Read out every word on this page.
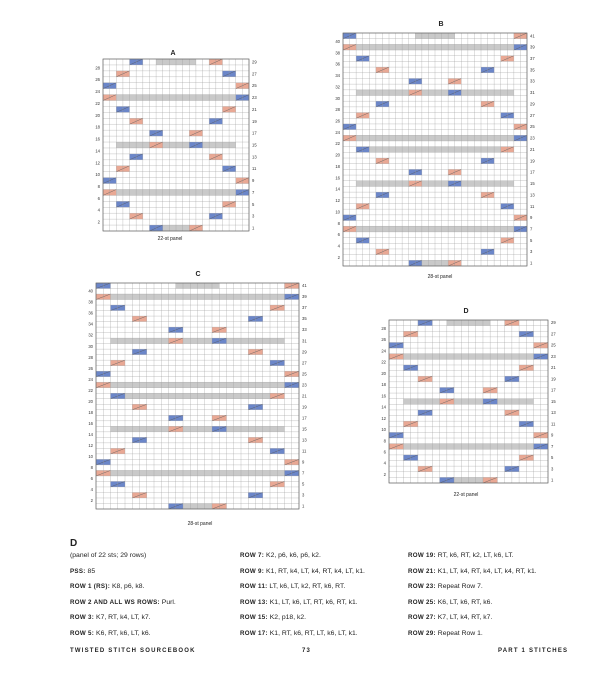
A
1
2
3
4
5
6
7
8
9
10
11
12
13
14
15
16
17
18
19
20
21
22
23
24
25
26
27
28
29
22-st panel
B
1
2
3
4
5
6
7
8
9
10
11
12
13
14
15
16
17
18
19
20
21
22
23
24
25
26
27
28
29
30
31
32
33
34
35
36
37
38
39
40
41
28-st panel
C
1
2
3
4
5
6
7
8
9
10
11
12
13
14
15
16
17
18
19
20
21
22
23
24
25
26
27
28
29
30
31
32
33
34
35
36
37
38
39
40
41
28-st panel
D
1
2
3
4
5
6
7
8
9
10
11
12
13
14
15
16
17
18
19
20
21
22
23
24
25
26
27
28
29
22-st panel
D
(panel of 22 sts; 29 rows)
PSS: 85
ROW 1 (RS): K8, p6, k8.
ROW 2 AND ALL WS ROWS: Purl.
ROW 3: K7, RT, k4, LT, k7.
ROW 5: K6, RT, k6, LT, k6.
ROW 7: K2, p6, k6, p6, k2.
ROW 9: K1, RT, k4, LT, k4, RT, k4, LT, k1.
ROW 11: LT, k6, LT, k2, RT, k6, RT.
ROW 13: K1, LT, k6, LT, RT, k6, RT, k1.
ROW 15: K2, p18, k2.
ROW 17: K1, RT, k6, RT, LT, k6, LT, k1.
ROW 19: RT, k6, RT, k2, LT, k6, LT.
ROW 21: K1, LT, k4, RT, k4, LT, k4, RT, k1.
ROW 23: Repeat Row 7.
ROW 25: K6, LT, k6, RT, k6.
ROW 27: K7, LT, k4, RT, k7.
ROW 29: Repeat Row 1.
TWISTED STITCH SOURCEBOOK	73	PART 1 STITCHES
